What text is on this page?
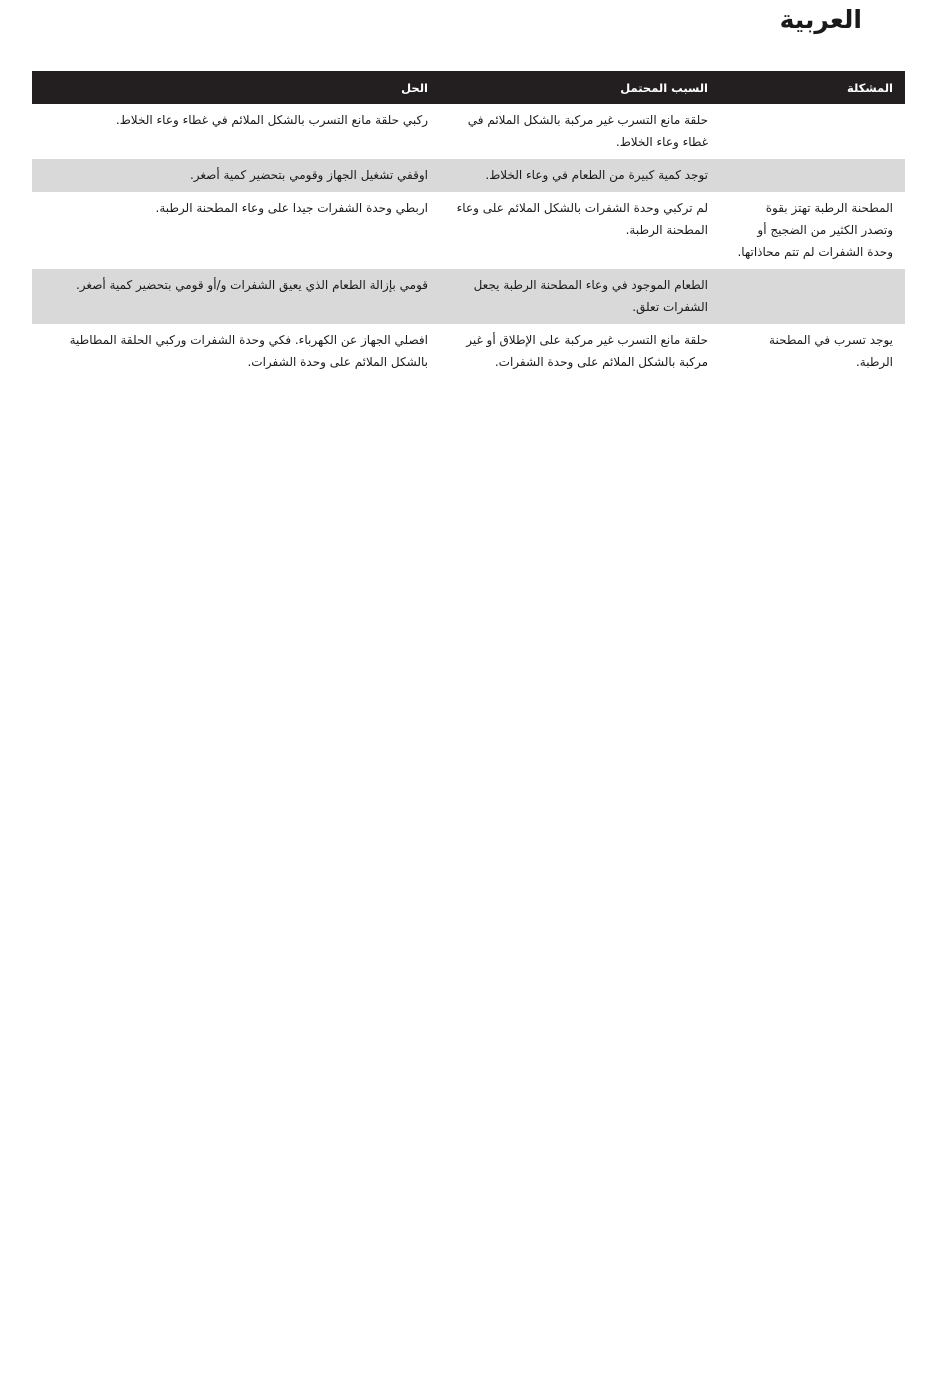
العربية
المشكلة	السبب المحتمل	الحل
	حلقة مانع التسرب غير مركبة بالشكل الملائم في غطاء وعاء الخلاط.	ركبي حلقة مانع التسرب بالشكل الملائم في غطاء وعاء الخلاط.
	توجد كمية كبيرة من الطعام في وعاء الخلاط.	اوقفي تشغيل الجهاز وقومي بتحضير كمية أصغر.
المطحنة الرطبة تهتز بقوة وتصدر الكثير من الضجيج أو وحدة الشفرات لم تتم محاذاتها.	لم تركبي وحدة الشفرات بالشكل الملائم على وعاء المطحنة الرطبة.	اربطي وحدة الشفرات جيدا على وعاء المطحنة الرطبة.
	الطعام الموجود في وعاء المطحنة الرطبة يجعل الشفرات تعلق.	قومي بإزالة الطعام الذي يعيق الشفرات و/أو قومي بتحضير كمية أصغر.
يوجد تسرب في المطحنة الرطبة.	حلقة مانع التسرب غير مركبة على الإطلاق أو غير مركبة بالشكل الملائم على وحدة الشفرات.	افصلي الجهاز عن الكهرباء. فكي وحدة الشفرات وركبي الحلقة المطاطية بالشكل الملائم على وحدة الشفرات.
